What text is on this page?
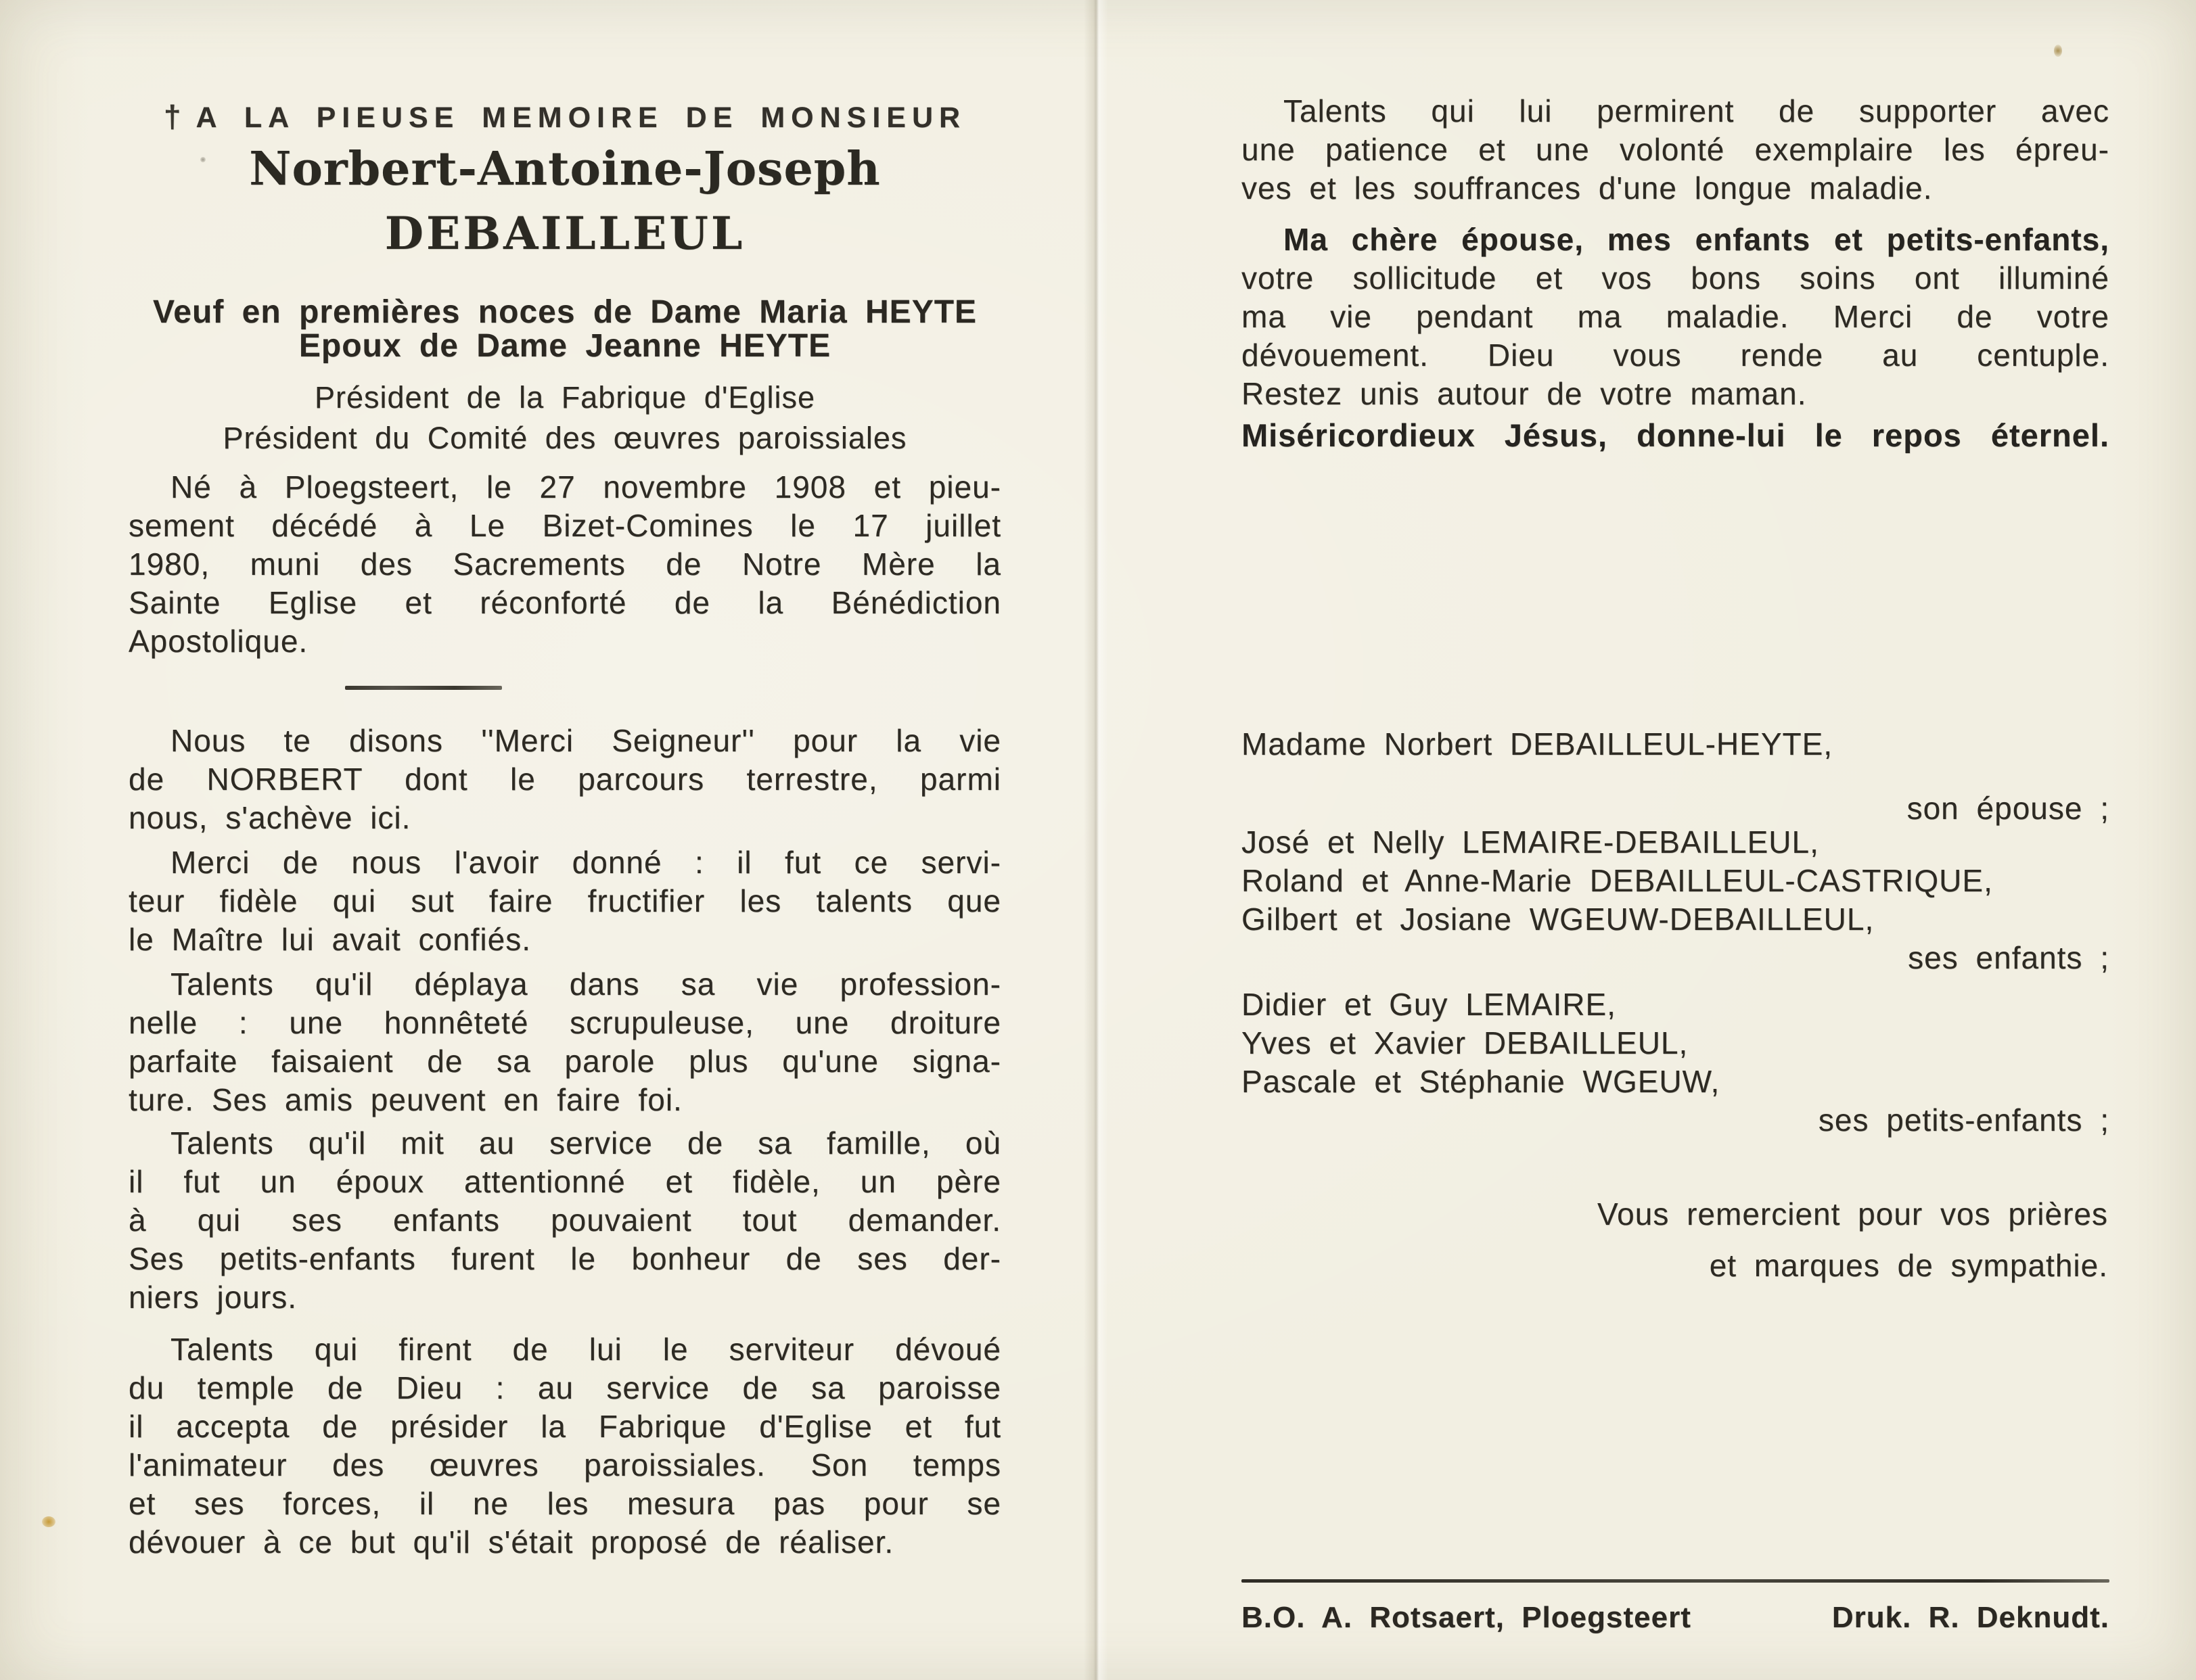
† A LA PIEUSE MEMOIRE DE MONSIEUR
Norbert-Antoine-Joseph
DEBAILLEUL
Veuf en premières noces de Dame Maria HEYTE
Epoux de Dame Jeanne HEYTE
Président de la Fabrique d'Eglise
Président du Comité des œuvres paroissiales
Né à Ploegsteert, le 27 novembre 1908 et pieu-
sement décédé à Le Bizet-Comines le 17 juillet
1980, muni des Sacrements de Notre Mère la
Sainte Eglise et réconforté de la Bénédiction
Apostolique.
Nous te disons ''Merci Seigneur'' pour la vie
de NORBERT dont le parcours terrestre, parmi
nous, s'achève ici.
Merci de nous l'avoir donné : il fut ce servi-
teur fidèle qui sut faire fructifier les talents que
le Maître lui avait confiés.
Talents qu'il déplaya dans sa vie profession-
nelle : une honnêteté scrupuleuse, une droiture
parfaite faisaient de sa parole plus qu'une signa-
ture. Ses amis peuvent en faire foi.
Talents qu'il mit au service de sa famille, où
il fut un époux attentionné et fidèle, un père
à qui ses enfants pouvaient tout demander.
Ses petits-enfants furent le bonheur de ses der-
niers jours.
Talents qui firent de lui le serviteur dévoué
du temple de Dieu : au service de sa paroisse
il accepta de présider la Fabrique d'Eglise et fut
l'animateur des œuvres paroissiales. Son temps
et ses forces, il ne les mesura pas pour se
dévouer à ce but qu'il s'était proposé de réaliser.
Talents qui lui permirent de supporter avec
une patience et une volonté exemplaire les épreu-
ves et les souffrances d'une longue maladie.
Ma chère épouse, mes enfants et petits-enfants,
votre sollicitude et vos bons soins ont illuminé
ma vie pendant ma maladie. Merci de votre
dévouement. Dieu vous rende au centuple.
Restez unis autour de votre maman.
Miséricordieux Jésus, donne-lui le repos éternel.
Madame Norbert DEBAILLEUL-HEYTE,
son épouse ;
José et Nelly LEMAIRE-DEBAILLEUL,
Roland et Anne-Marie DEBAILLEUL-CASTRIQUE,
Gilbert et Josiane WGEUW-DEBAILLEUL,
ses enfants ;
Didier et Guy LEMAIRE,
Yves et Xavier DEBAILLEUL,
Pascale et Stéphanie WGEUW,
ses petits-enfants ;
Vous remercient pour vos prières
et marques de sympathie.
B.O. A. Rotsaert, Ploegsteert	Druk. R. Deknudt.
